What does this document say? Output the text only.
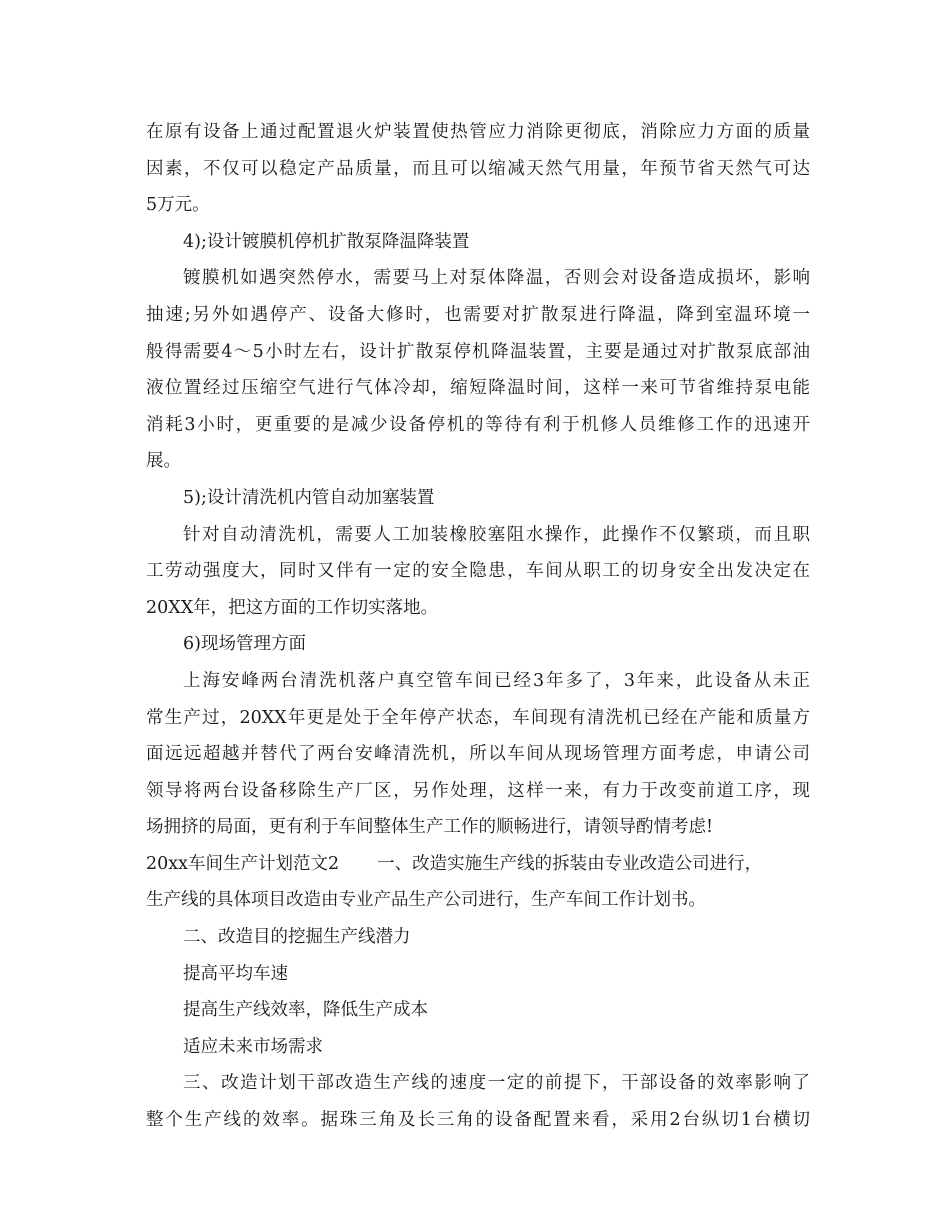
在原有设备上通过配置退火炉装置使热管应力消除更彻底，消除应力方面的质量
因素，不仅可以稳定产品质量，而且可以缩减天然气用量，年预节省天然气可达
5万元。
4);设计镀膜机停机扩散泵降温降装置
镀膜机如遇突然停水，需要马上对泵体降温，否则会对设备造成损坏，影响
抽速;另外如遇停产、设备大修时，也需要对扩散泵进行降温，降到室温环境一
般得需要4～5小时左右，设计扩散泵停机降温装置，主要是通过对扩散泵底部油
液位置经过压缩空气进行气体冷却，缩短降温时间，这样一来可节省维持泵电能
消耗3小时，更重要的是减少设备停机的等待有利于机修人员维修工作的迅速开
展。
5);设计清洗机内管自动加塞装置
针对自动清洗机，需要人工加装橡胶塞阻水操作，此操作不仅繁琐，而且职
工劳动强度大，同时又伴有一定的安全隐患，车间从职工的切身安全出发决定在
20XX年，把这方面的工作切实落地。
6)现场管理方面
上海安峰两台清洗机落户真空管车间已经3年多了，3年来，此设备从未正
常生产过，20XX年更是处于全年停产状态，车间现有清洗机已经在产能和质量方
面远远超越并替代了两台安峰清洗机，所以车间从现场管理方面考虑，申请公司
领导将两台设备移除生产厂区，另作处理，这样一来，有力于改变前道工序，现
场拥挤的局面，更有利于车间整体生产工作的顺畅进行，请领导酌情考虑!
20xx车间生产计划范文2 一、改造实施生产线的拆装由专业改造公司进行，
生产线的具体项目改造由专业产品生产公司进行，生产车间工作计划书。
二、改造目的挖掘生产线潜力
提高平均车速
提高生产线效率，降低生产成本
适应未来市场需求
三、改造计划干部改造生产线的速度一定的前提下，干部设备的效率影响了
整个生产线的效率。据珠三角及长三角的设备配置来看，采用2台纵切1台横切
